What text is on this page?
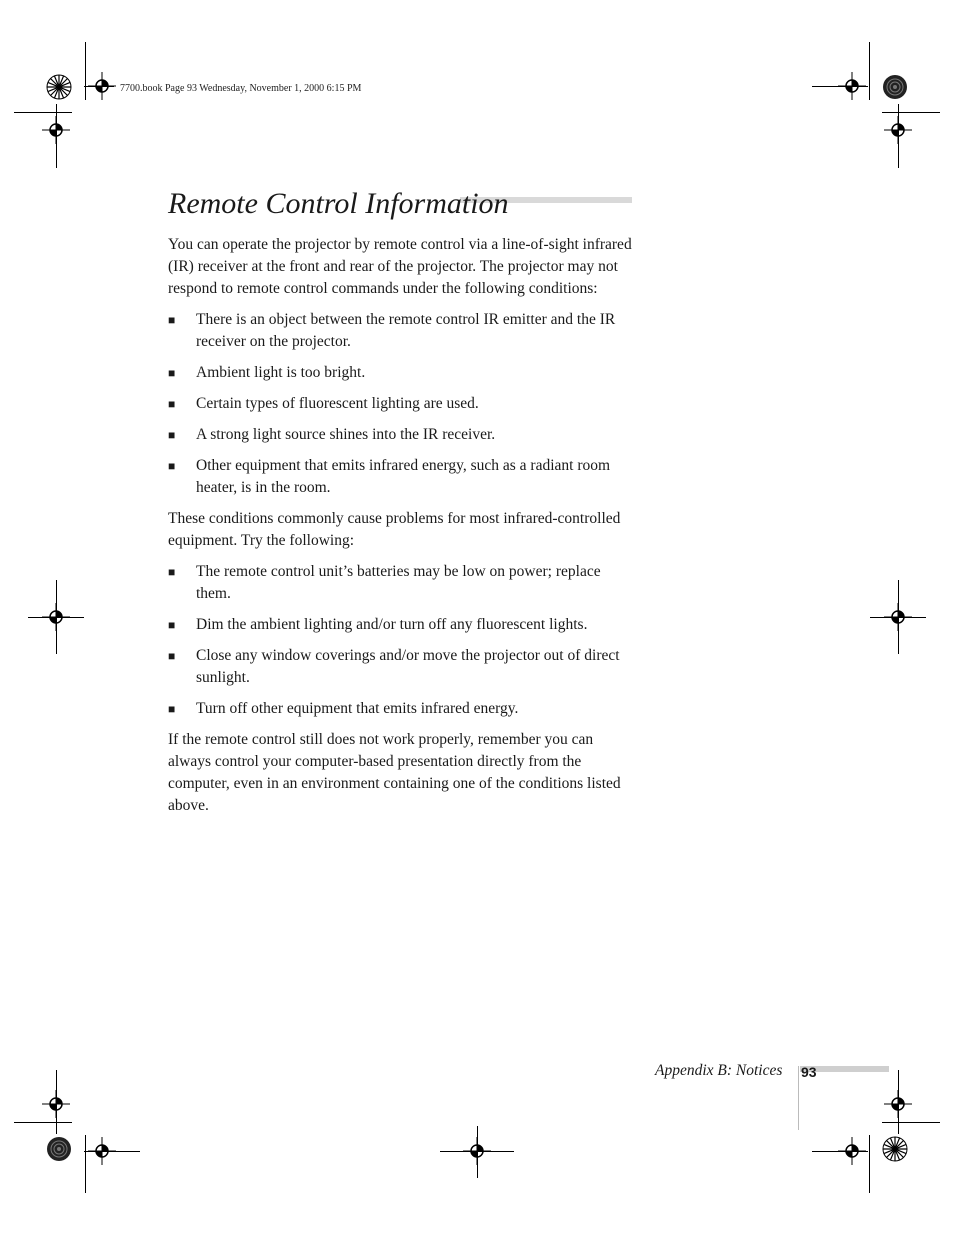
7700.book Page 93 Wednesday, November 1, 2000 6:15 PM
Remote Control Information

You can operate the projector by remote control via a line-of-sight infrared (IR) receiver at the front and rear of the projector. The projector may not respond to remote control commands under the following conditions:

■ There is an object between the remote control IR emitter and the IR receiver on the projector.
■ Ambient light is too bright.
■ Certain types of fluorescent lighting are used.
■ A strong light source shines into the IR receiver.
■ Other equipment that emits infrared energy, such as a radiant room heater, is in the room.

These conditions commonly cause problems for most infrared-controlled equipment. Try the following:

■ The remote control unit’s batteries may be low on power; replace them.
■ Dim the ambient lighting and/or turn off any fluorescent lights.
■ Close any window coverings and/or move the projector out of direct sunlight.
■ Turn off other equipment that emits infrared energy.

If the remote control still does not work properly, remember you can always control your computer-based presentation directly from the computer, even in an environment containing one of the conditions listed above.

Appendix B: Notices 93
